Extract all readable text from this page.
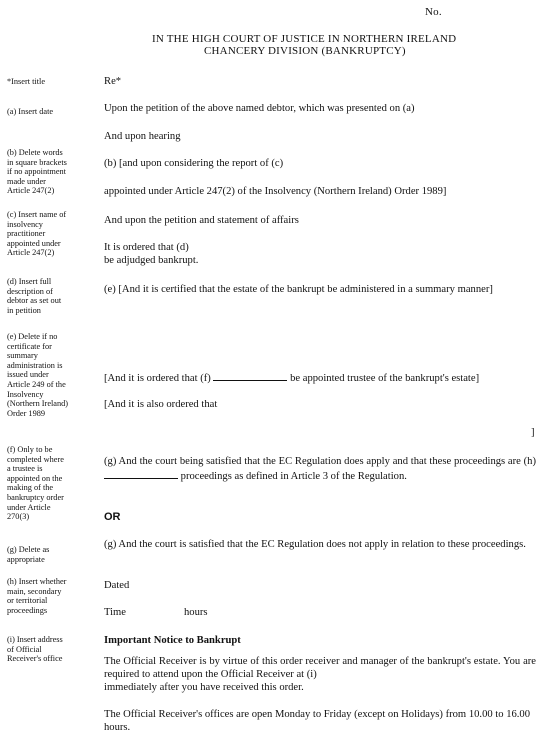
No.
IN THE HIGH COURT OF JUSTICE IN NORTHERN IRELAND
CHANCERY DIVISION (BANKRUPTCY)
*Insert title
(a) Insert date
(b) Delete words
in square brackets
if no appointment
made under
Article 247(2)
(c) Insert name of
insolvency
practitioner
appointed under
Article 247(2)
(d) Insert full
description of
debtor as set out
in petition
(e) Delete if no
certificate for
summary
administration is
issued under
Article 249 of the
Insolvency
(Northern Ireland)
Order 1989
(f) Only to be
completed where
a trustee is
appointed on the
making of the
bankruptcy order
under Article
270(3)
(g) Delete as
appropriate
(h) Insert whether
main, secondary
or territorial
proceedings
(i) Insert address
of Official
Receiver's office
Re*
Upon the petition of the above named debtor, which was presented on (a)
And upon hearing
(b) [and upon considering the report of (c)
appointed under Article 247(2) of the Insolvency (Northern Ireland) Order 1989]
And upon the petition and statement of affairs
It is ordered that (d)
be adjudged bankrupt.
(e) [And it is certified that the estate of the bankrupt be administered in a summary manner]
[And it is ordered that (f)	be appointed trustee of the bankrupt's estate]
[And it is also ordered that
]
(g) And the court being satisfied that the EC Regulation does apply and that these proceedings are (h)  proceedings as defined in Article 3 of the Regulation.
OR
(g) And the court is satisfied that the EC Regulation does not apply in relation to these proceedings.
Dated
Time	hours
Important Notice to Bankrupt
The Official Receiver is by virtue of this order receiver and manager of the bankrupt's estate. You are required to attend upon the Official Receiver at (i)
immediately after you have received this order.
The Official Receiver's offices are open Monday to Friday (except on Holidays) from 10.00 to 16.00 hours.
